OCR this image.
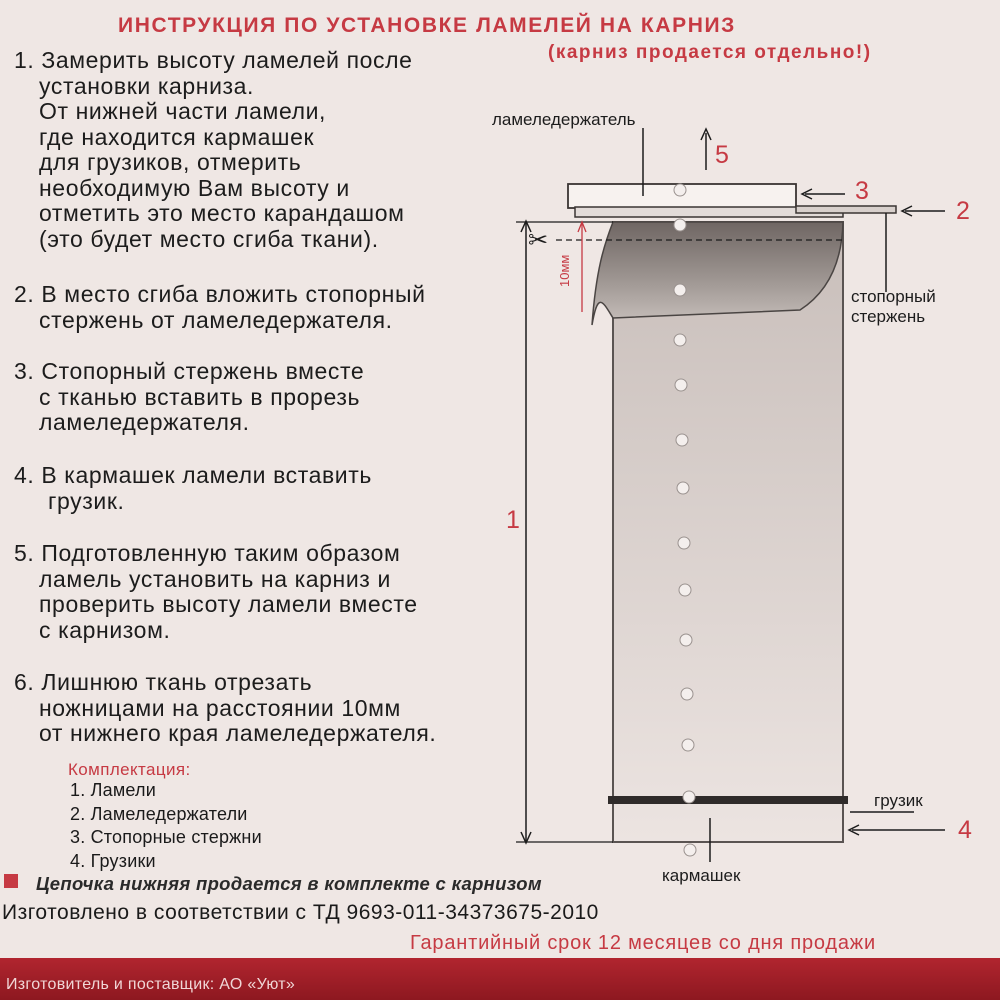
ИНСТРУКЦИЯ ПО УСТАНОВКЕ ЛАМЕЛЕЙ НА КАРНИЗ
(карниз продается отдельно!)
1. Замерить высоту ламелей после
установки карниза.
От нижней части ламели,
где находится кармашек
для грузиков, отмерить
необходимую Вам высоту и
отметить это место карандашом
(это будет место сгиба ткани).
2. В место сгиба вложить стопорный
стержень от ламеледержателя.
3. Стопорный стержень вместе
с тканью вставить в прорезь
ламеледержателя.
4. В кармашек ламели вставить
грузик.
5. Подготовленную таким образом
ламель установить на карниз и
проверить высоту ламели вместе
с карнизом.
6. Лишнюю ткань отрезать
ножницами на расстоянии 10мм
от нижнего края ламеледержателя.
Комплектация:
1. Ламели
2. Ламеледержатели
3. Стопорные стержни
4. Грузики
✂
ламеледержатель
стопорный
стержень
грузик
кармашек
10мм
5
3
2
1
4
Цепочка нижняя продается в комплекте с карнизом
Изготовлено в соответствии с ТД 9693-011-34373675-2010
Гарантийный срок 12 месяцев со дня продажи
Изготовитель и поставщик: АО «Уют»
